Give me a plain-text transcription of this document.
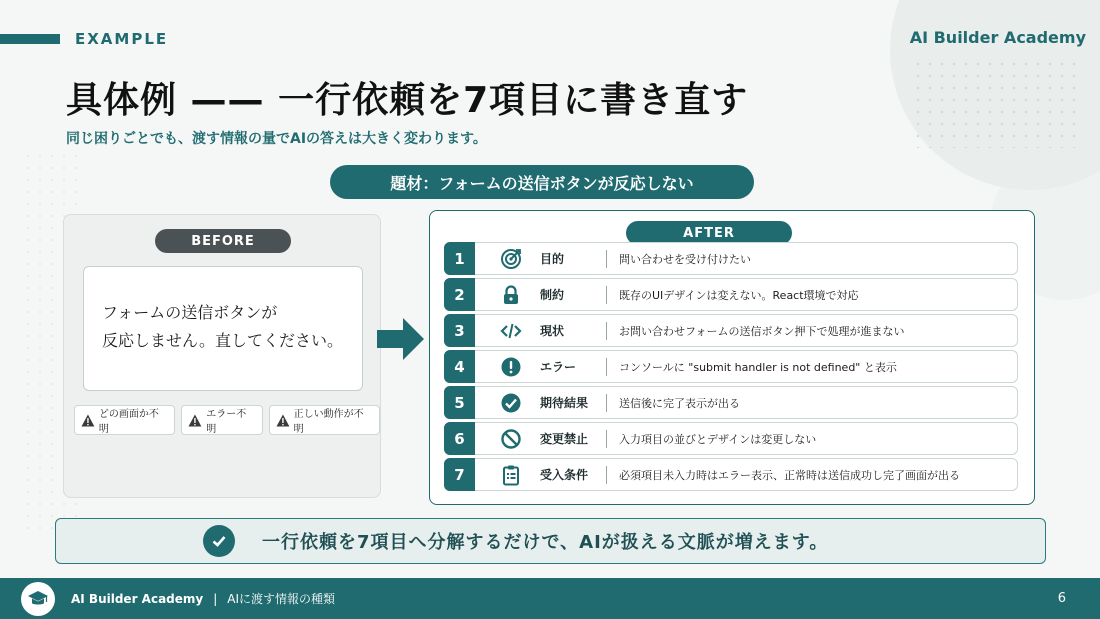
EXAMPLE	AI Builder Academy
具体例 —— 一行依頼を7項目に書き直す
同じ困りごとでも、渡す情報の量でAIの答えは大きく変わります。
題材：フォームの送信ボタンが反応しない
BEFORE
フォームの送信ボタンが
反応しません。直してください。
どの画面か不明
エラー不明
正しい動作が不明
AFTER
1	目的	問い合わせを受け付けたい
2	制約	既存のUIデザインは変えない。React環境で対応
3	現状	お問い合わせフォームの送信ボタン押下で処理が進まない
4	エラー	コンソールに "submit handler is not defined" と表示
5	期待結果	送信後に完了表示が出る
6	変更禁止	入力項目の並びとデザインは変更しない
7	受入条件	必須項目未入力時はエラー表示、正常時は送信成功し完了画面が出る
一行依頼を7項目へ分解するだけで、AIが扱える文脈が増えます。
AI Builder Academy | AIに渡す情報の種類	6
